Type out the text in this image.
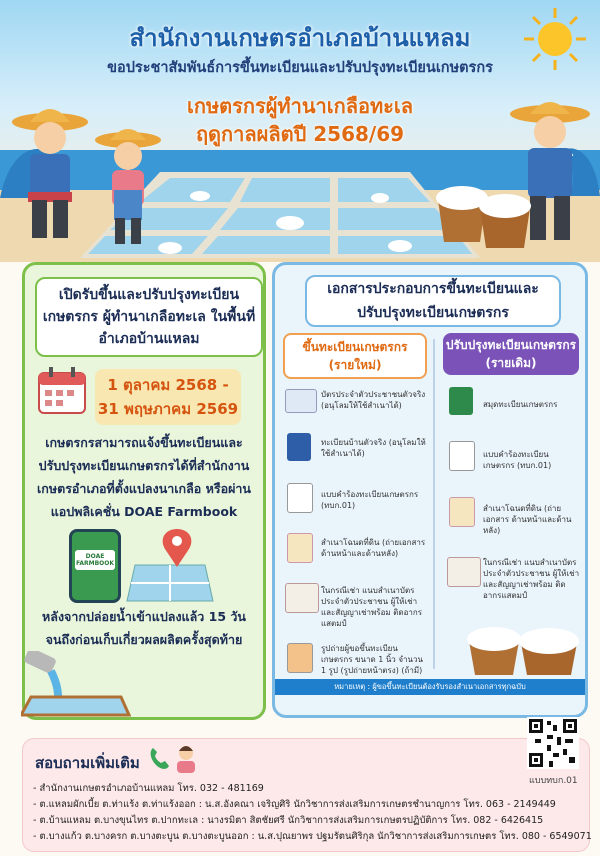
สำนักงานเกษตรอำเภอบ้านแหลม
ขอประชาสัมพันธ์การขึ้นทะเบียนและปรับปรุงทะเบียนเกษตรกร
เกษตรกรผู้ทำนาเกลือทะเล
ฤดูกาลผลิตปี 2568/69
เปิดรับขึ้นและปรับปรุงทะเบียนเกษตรกร ผู้ทำนาเกลือทะเล ในพื้นที่อำเภอบ้านแหลม
1 ตุลาคม 2568 -
31 พฤษภาคม 2569
เกษตรกรสามารถแจ้งขึ้นทะเบียนและปรับปรุงทะเบียนเกษตรกรได้ที่สำนักงานเกษตรอำเภอที่ตั้งแปลงนาเกลือ หรือผ่านแอปพลิเคชั่น DOAE Farmbook
DOAE FARMBOOK
หลังจากปล่อยน้ำเข้าแปลงแล้ว 15 วัน จนถึงก่อนเก็บเกี่ยวผลผลิตครั้งสุดท้าย
เอกสารประกอบการขึ้นทะเบียนและ ปรับปรุงทะเบียนเกษตรกร
ขึ้นทะเบียนเกษตรกร
(รายใหม่)
ปรับปรุงทะเบียนเกษตรกร
(รายเดิม)
บัตรประจำตัวประชาชนตัวจริง (อนุโลมให้ใช้สำเนาได้)
ทะเบียนบ้านตัวจริง (อนุโลมให้ใช้สำเนาได้)
แบบคำร้องทะเบียนเกษตรกร (ทบก.01)
สำเนาโฉนดที่ดิน (ถ่ายเอกสาร ด้านหน้าและด้านหลัง)
ในกรณีเช่า แนบสำเนาบัตรประจำตัวประชาชน ผู้ให้เช่า และสัญญาเช่าพร้อม ติดอากรแสตมป์
รูปถ่ายผู้ขอขึ้นทะเบียนเกษตรกร ขนาด 1 นิ้ว จำนวน 1 รูป (รูปถ่ายหน้าตรง) (ถ้ามี)
สมุดทะเบียนเกษตรกร
แบบคำร้องทะเบียนเกษตรกร (ทบก.01)
สำเนาโฉนดที่ดิน (ถ่ายเอกสาร ด้านหน้าและด้านหลัง)
ในกรณีเช่า แนบสำเนาบัตรประจำตัวประชาชน ผู้ให้เช่า และสัญญาเช่าพร้อม ติดอากรแสตมป์
หมายเหตุ : ผู้ขอขึ้นทะเบียนต้องรับรองสำเนาเอกสารทุกฉบับ
สอบถามเพิ่มเติม
- สำนักงานเกษตรอำเภอบ้านแหลม โทร. 032 - 481169
- ต.แหลมผักเบี้ย ต.ท่าแร้ง ต.ท่าแร้งออก : น.ส.อังคณา เจริญศิริ นักวิชาการส่งเสริมการเกษตรชำนาญการ โทร. 063 - 2149449
- ต.บ้านแหลม ต.บางขุนไทร ต.ปากทะเล : นางรมิตา สิตชัยศรี นักวิชาการส่งเสริมการเกษตรปฏิบัติการ โทร. 082 - 6426415
- ต.บางแก้ว ต.บางครก ต.บางตะบูน ต.บางตะบูนออก : น.ส.ปุณยาพร ปฐมรัตนศิริกุล นักวิชาการส่งเสริมการเกษตร โทร. 080 - 6549071
แบบทบก.01
